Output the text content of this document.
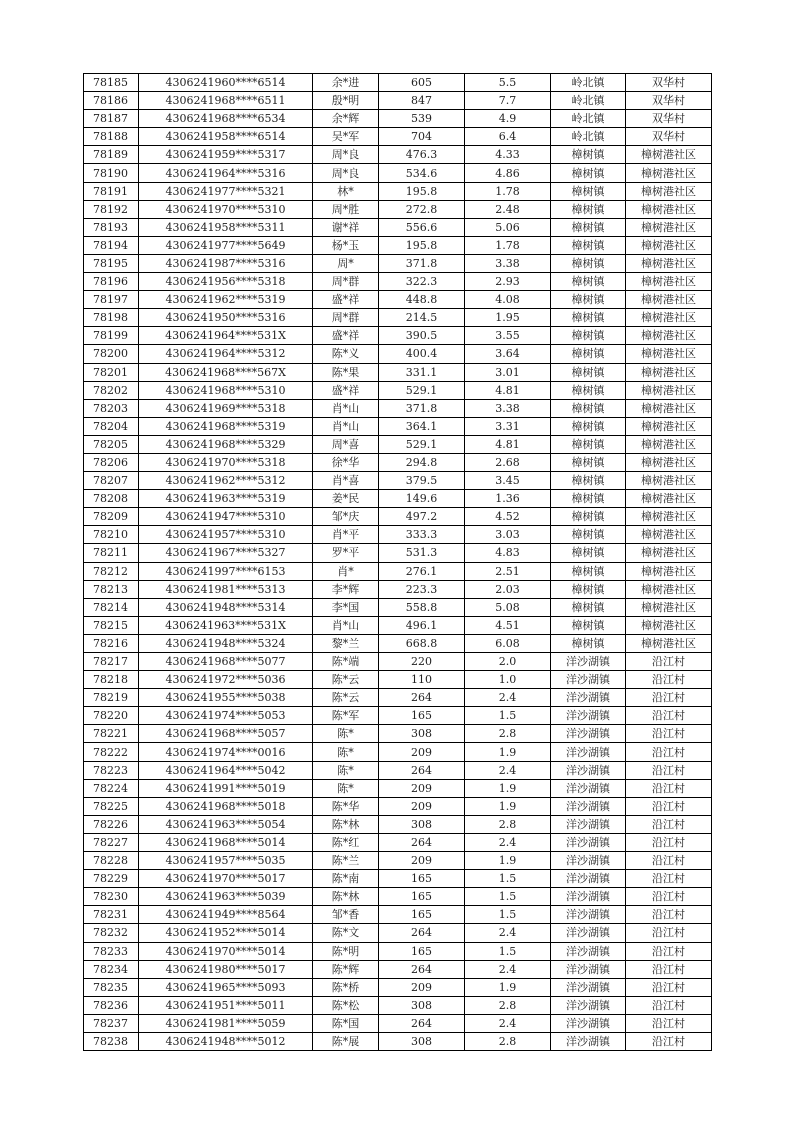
78185	4306241960****6514	余*进	605	5.5	岭北镇	双华村
78186	4306241968****6511	殷*明	847	7.7	岭北镇	双华村
78187	4306241968****6534	余*辉	539	4.9	岭北镇	双华村
78188	4306241958****6514	吴*军	704	6.4	岭北镇	双华村
78189	4306241959****5317	周*良	476.3	4.33	樟树镇	樟树港社区
78190	4306241964****5316	周*良	534.6	4.86	樟树镇	樟树港社区
78191	4306241977****5321	林*	195.8	1.78	樟树镇	樟树港社区
78192	4306241970****5310	周*胜	272.8	2.48	樟树镇	樟树港社区
78193	4306241958****5311	谢*祥	556.6	5.06	樟树镇	樟树港社区
78194	4306241977****5649	杨*玉	195.8	1.78	樟树镇	樟树港社区
78195	4306241987****5316	周*	371.8	3.38	樟树镇	樟树港社区
78196	4306241956****5318	周*群	322.3	2.93	樟树镇	樟树港社区
78197	4306241962****5319	盛*祥	448.8	4.08	樟树镇	樟树港社区
78198	4306241950****5316	周*群	214.5	1.95	樟树镇	樟树港社区
78199	4306241964****531X	盛*祥	390.5	3.55	樟树镇	樟树港社区
78200	4306241964****5312	陈*义	400.4	3.64	樟树镇	樟树港社区
78201	4306241968****567X	陈*果	331.1	3.01	樟树镇	樟树港社区
78202	4306241968****5310	盛*祥	529.1	4.81	樟树镇	樟树港社区
78203	4306241969****5318	肖*山	371.8	3.38	樟树镇	樟树港社区
78204	4306241968****5319	肖*山	364.1	3.31	樟树镇	樟树港社区
78205	4306241968****5329	周*喜	529.1	4.81	樟树镇	樟树港社区
78206	4306241970****5318	徐*华	294.8	2.68	樟树镇	樟树港社区
78207	4306241962****5312	肖*喜	379.5	3.45	樟树镇	樟树港社区
78208	4306241963****5319	姜*民	149.6	1.36	樟树镇	樟树港社区
78209	4306241947****5310	邹*庆	497.2	4.52	樟树镇	樟树港社区
78210	4306241957****5310	肖*平	333.3	3.03	樟树镇	樟树港社区
78211	4306241967****5327	罗*平	531.3	4.83	樟树镇	樟树港社区
78212	4306241997****6153	肖*	276.1	2.51	樟树镇	樟树港社区
78213	4306241981****5313	李*辉	223.3	2.03	樟树镇	樟树港社区
78214	4306241948****5314	李*国	558.8	5.08	樟树镇	樟树港社区
78215	4306241963****531X	肖*山	496.1	4.51	樟树镇	樟树港社区
78216	4306241948****5324	黎*兰	668.8	6.08	樟树镇	樟树港社区
78217	4306241968****5077	陈*端	220	2.0	洋沙湖镇	沿江村
78218	4306241972****5036	陈*云	110	1.0	洋沙湖镇	沿江村
78219	4306241955****5038	陈*云	264	2.4	洋沙湖镇	沿江村
78220	4306241974****5053	陈*军	165	1.5	洋沙湖镇	沿江村
78221	4306241968****5057	陈*	308	2.8	洋沙湖镇	沿江村
78222	4306241974****0016	陈*	209	1.9	洋沙湖镇	沿江村
78223	4306241964****5042	陈*	264	2.4	洋沙湖镇	沿江村
78224	4306241991****5019	陈*	209	1.9	洋沙湖镇	沿江村
78225	4306241968****5018	陈*华	209	1.9	洋沙湖镇	沿江村
78226	4306241963****5054	陈*林	308	2.8	洋沙湖镇	沿江村
78227	4306241968****5014	陈*红	264	2.4	洋沙湖镇	沿江村
78228	4306241957****5035	陈*兰	209	1.9	洋沙湖镇	沿江村
78229	4306241970****5017	陈*南	165	1.5	洋沙湖镇	沿江村
78230	4306241963****5039	陈*林	165	1.5	洋沙湖镇	沿江村
78231	4306241949****8564	邹*香	165	1.5	洋沙湖镇	沿江村
78232	4306241952****5014	陈*文	264	2.4	洋沙湖镇	沿江村
78233	4306241970****5014	陈*明	165	1.5	洋沙湖镇	沿江村
78234	4306241980****5017	陈*辉	264	2.4	洋沙湖镇	沿江村
78235	4306241965****5093	陈*桥	209	1.9	洋沙湖镇	沿江村
78236	4306241951****5011	陈*松	308	2.8	洋沙湖镇	沿江村
78237	4306241981****5059	陈*国	264	2.4	洋沙湖镇	沿江村
78238	4306241948****5012	陈*展	308	2.8	洋沙湖镇	沿江村
